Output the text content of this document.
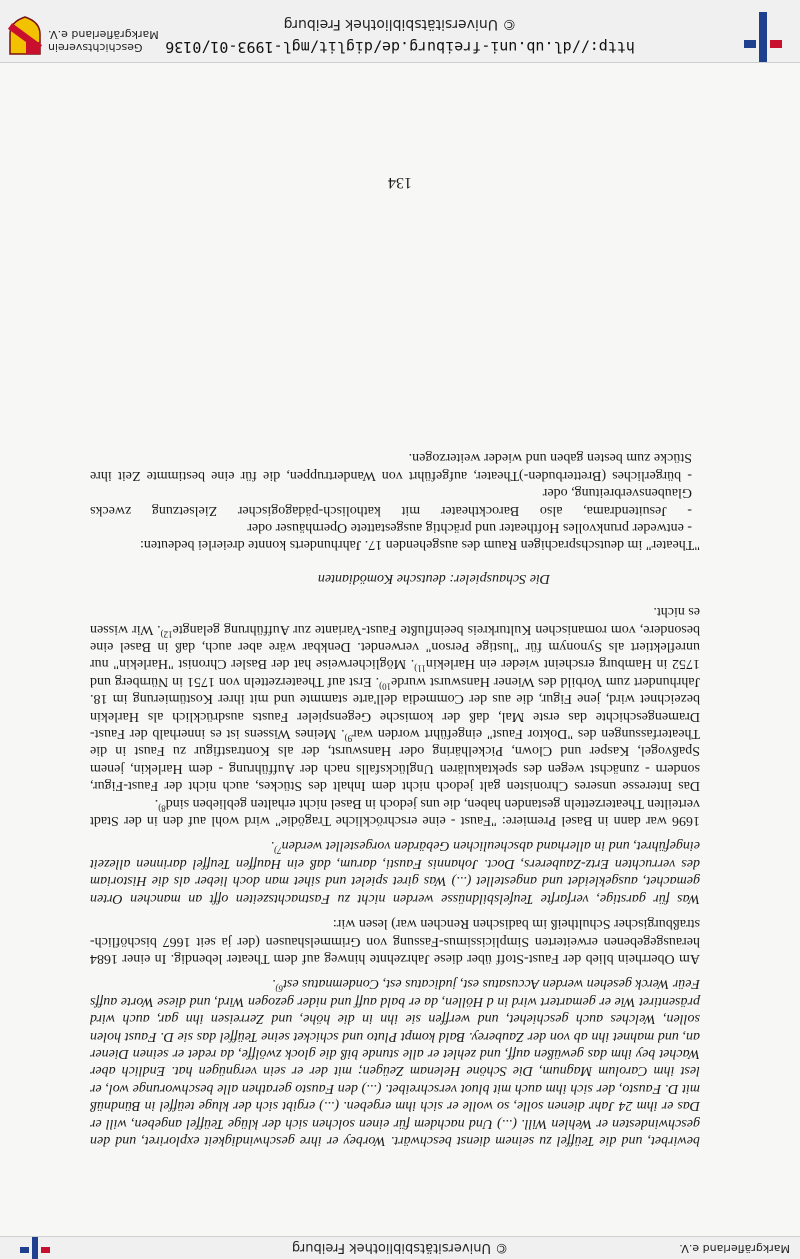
Markgräflerland e.V.
© Universitätsbibliothek Freiburg

bewirbet, und die Teüffel zu seinem dienst beschwärt. Worbey er ihre geschwindigkeit exploriret, und den geschwindesten er Wehlen Will. (...) Und nachdem für einen solchen sich der klüge Teüffel angeben, will er Das er ihm 24 Jahr dienen solle, so wolle er sich ihm ergeben. (...) ergibt sich der kluge teüffel in Bündnüß mit D. Fausto, der sich ihm auch mit bluot verschreibet. (...) den Fausto gerathen alle beschworunge wol, er lest ihm Carolum Magnum, Die Schöne Helenam Zeügen; mit der er sein vergnügen hat. Endlich aber Wachet bey ihm das gewüßen auff, und zehlet er alle stunde biß die glock zwölffe, da redet er seinen Diener an, und mahnet ihn ab von der Zauberey. Bald kompt Pluto und schicket seine Teüffel das sie D. Faust holen sollen, Welches auch geschiehet, und werffen sie ihn in die höhe, und Zerreisen ihn gar, auch wird präsentiret Wie er gemartert wird in d Höllen, da er bald auff und nider gezogen Wird, und diese Worte auffs Feür Werck gesehen werden Accusatus est, judicatus est, Condemnatus est$^{6)}$.

Am Oberrhein blieb der Faust-Stoff über diese Jahrzehnte hinweg auf dem Theater lebendig. In einer 1684 herausgegebenen erweiterten Simplicissimus-Fassung von Grimmelshausen (der ja seit 1667 bischöflich-straßburgischer Schultheiß im badischen Renchen war) lesen wir:

Was für garstige, verfarfte Teufelsbildnüsse werden nicht zu Fastnachtszeiten offt an manchen Orten gemachet, ausgekleidet und angestellet (...) Was giret spielet und sihet man doch lieber als die Historiam des verruchten Ertz-Zauberers, Doct. Johannis Fausti, darum, daß ein Hauffen Teuffel darinnen allezeit eingeführet, und in allerhand abscheulichen Gebärden vorgestellet werden$^{7)}$.

1696 war dann in Basel Premiere: "Faust - eine erschröckliche Tragödie" wird wohl auf den in der Stadt verteilten Theaterzetteln gestanden haben, die uns jedoch in Basel nicht erhalten geblieben sind$^{8)}$.

Das Interesse unseres Chronisten galt jedoch nicht dem Inhalt des Stückes, auch nicht der Faust-Figur, sondern - zunächst wegen des spektakulären Unglücksfalls nach der Aufführung - dem Harlekin, jenem Spaßvogel, Kasper und Clown, Pickelhäring oder Hanswurst, der als Kontrastfigur zu Faust in die Theaterfassungen des "Doktor Faust" eingeführt worden war$^{9)}$. Meines Wissens ist es innerhalb der Faust-Dramengeschichte das erste Mal, daß der komische Gegenspieler Fausts ausdrücklich als Harlekin bezeichnet wird, jene Figur, die aus der Commedia dell'arte stammte und mit ihrer Kostümierung im 18. Jahrhundert zum Vorbild des Wiener Hanswurst wurde$^{10)}$. Erst auf Theaterzetteln von 1751 in Nürnberg und 1752 in Hamburg erscheint wieder ein Harlekin$^{11)}$. Möglicherweise hat der Basler Chronist "Harlekin" nur unreflektiert als Synonym für "lustige Person" verwendet. Denkbar wäre aber auch, daß in Basel eine besondere, vom romanischen Kulturkreis beeinflußte Faust-Variante zur Aufführung gelangte$^{12)}$. Wir wissen es nicht.

Die Schauspieler: deutsche Komödianten

"Theater" im deutschsprachigen Raum des ausgehenden 17. Jahrhunderts konnte dreierlei bedeuten:

- entweder prunkvolles Hoftheater und prächtig ausgestattete Opernhäuser oder

- Jesuitendrama, also Barocktheater mit katholisch-pädagogischer Zielsetzung zwecks Glaubensverbreitung, oder

- bürgerliches (Bretterbuden-)Theater, aufgeführt von Wandertruppen, die für eine bestimmte Zeit ihre Stücke zum besten gaben und wieder weiterzogen.

134
http://dl.ub.uni-freiburg.de/diglit/mgl-1993-01/0136
© Universitätsbibliothek Freiburg
Geschichtsverein
Markgräflerland e.V.
